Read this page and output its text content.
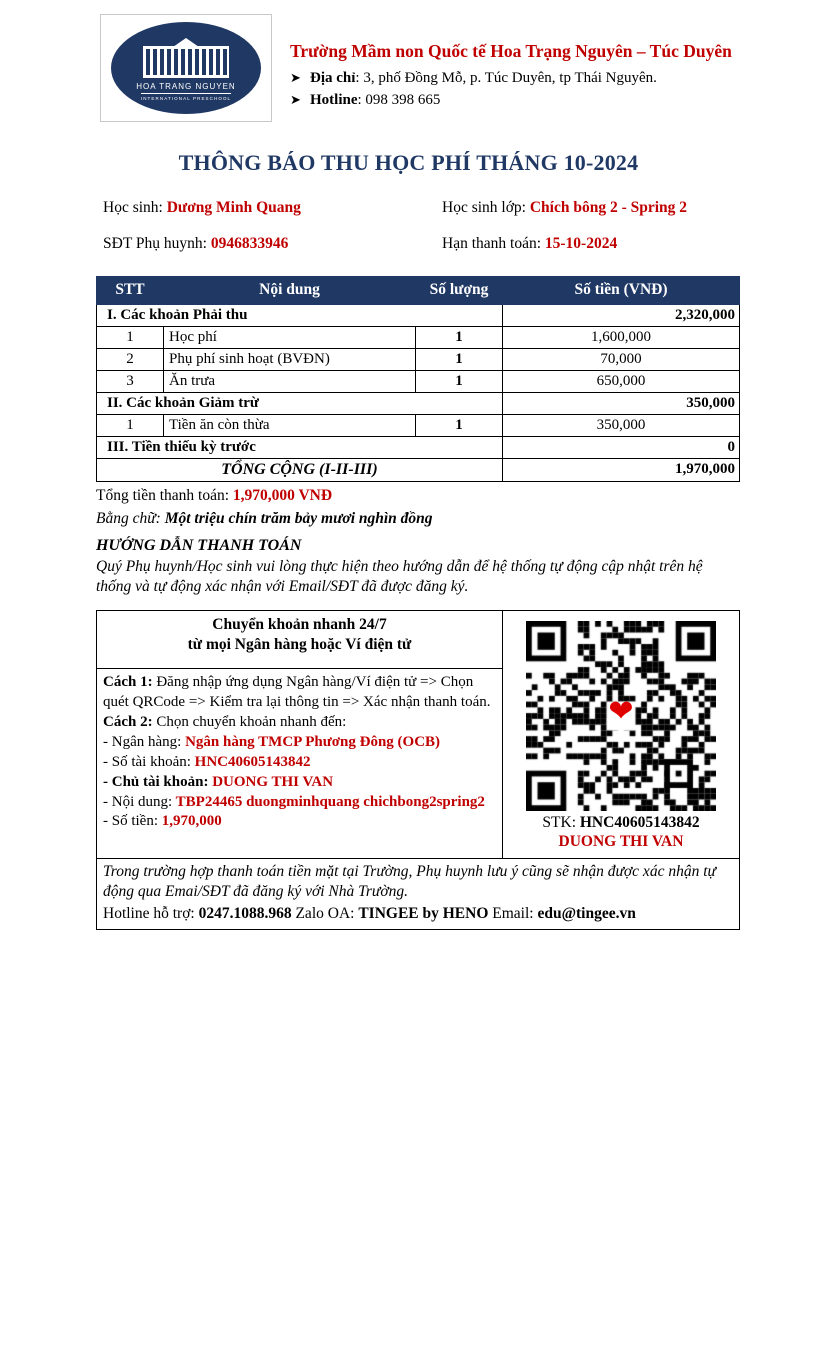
HOA TRANG NGUYEN
INTERNATIONAL PRESCHOOL
Trường Mầm non Quốc tế Hoa Trạng Nguyên – Túc Duyên
➤ Địa chỉ: 3, phố Đồng Mỗ, p. Túc Duyên, tp Thái Nguyên.
➤ Hotline: 098 398 665
THÔNG BÁO THU HỌC PHÍ THÁNG 10-2024
Học sinh: Dương Minh Quang
SĐT Phụ huynh: 0946833946
Học sinh lớp: Chích bông 2 - Spring 2
Hạn thanh toán: 15-10-2024
STT	Nội dung	Số lượng	Số tiền (VNĐ)
I. Các khoản Phải thu			2,320,000
1	Học phí	1	1,600,000
2	Phụ phí sinh hoạt (BVĐN)	1	70,000
3	Ăn trưa	1	650,000
II. Các khoản Giảm trừ			350,000
1	Tiền ăn còn thừa	1	350,000
III. Tiền thiếu kỳ trước			0
TỔNG CỘNG (I-II-III)			1,970,000
Tổng tiền thanh toán: 1,970,000 VNĐ
Bằng chữ: Một triệu chín trăm bảy mươi nghìn đồng
HƯỚNG DẪN THANH TOÁN
Quý Phụ huynh/Học sinh vui lòng thực hiện theo hướng dẫn để hệ thống tự động cập nhật trên hệ thống và tự động xác nhận với Email/SĐT đã được đăng ký.
Chuyển khoản nhanh 24/7
từ mọi Ngân hàng hoặc Ví điện tử

❤
STK: HNC40605143842
DUONG THI VAN

Cách 1: Đăng nhập ứng dụng Ngân hàng/Ví điện tử => Chọn quét QRCode => Kiểm tra lại thông tin => Xác nhận thanh toán.
Cách 2: Chọn chuyển khoản nhanh đến:
- Ngân hàng: Ngân hàng TMCP Phương Đông (OCB)
- Số tài khoản: HNC40605143842
- Chủ tài khoản: DUONG THI VAN
- Nội dung: TBP24465 duongminhquang chichbong2spring2
- Số tiền: 1,970,000
Trong trường hợp thanh toán tiền mặt tại Trường, Phụ huynh lưu ý cũng sẽ nhận được xác nhận tự động qua Emai/SĐT đã đăng ký với Nhà Trường.
Hotline hỗ trợ: 0247.1088.968 Zalo OA: TINGEE by HENO Email: edu@tingee.vn
